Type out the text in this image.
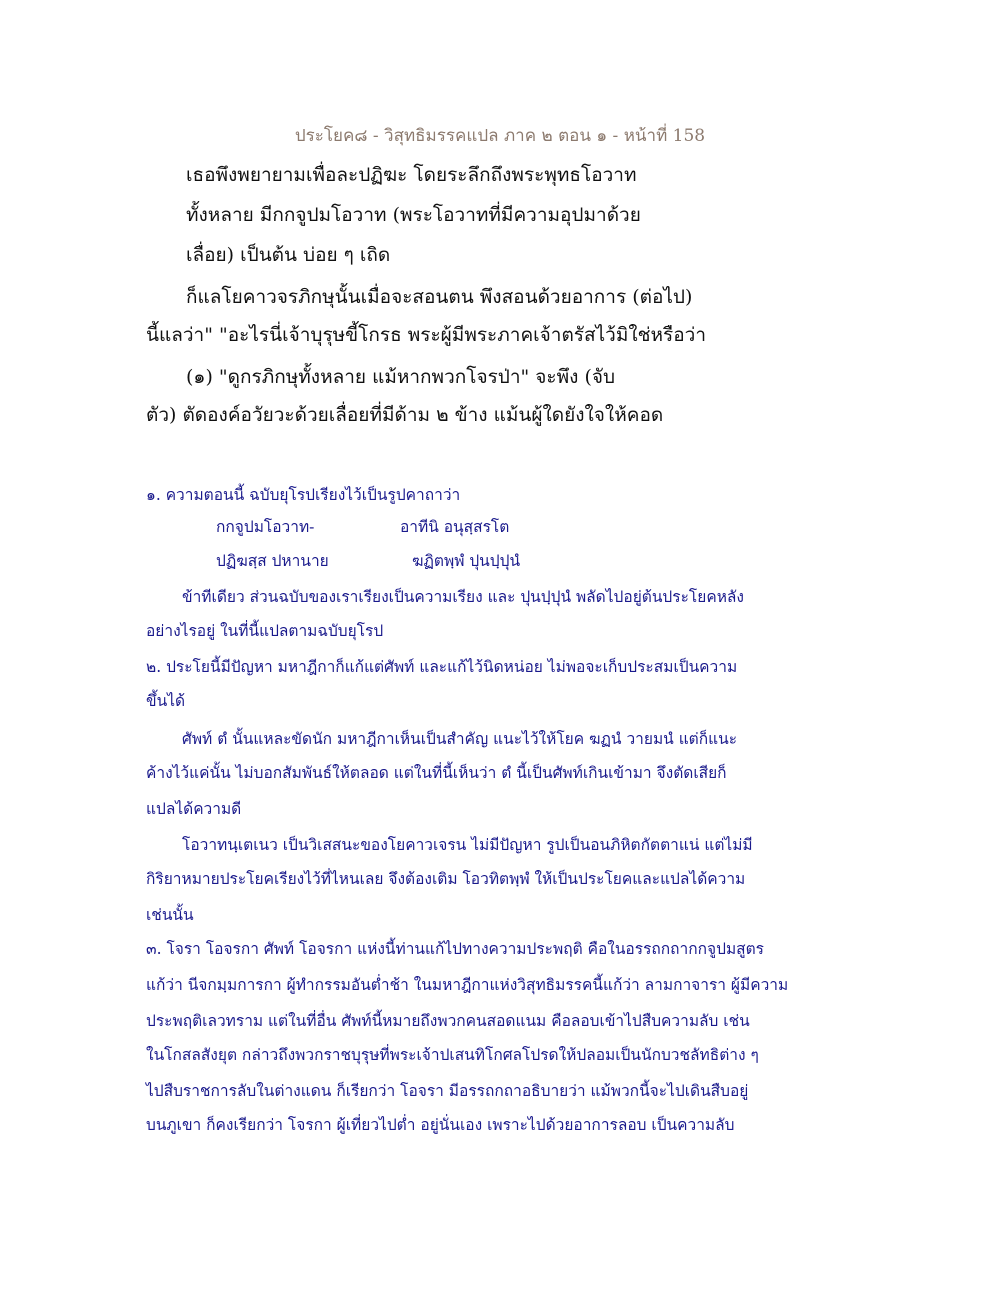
ประโยค๘ - วิสุทธิมรรคแปล ภาค ๒ ตอน ๑ - หน้าที่ 158
เธอพึงพยายามเพื่อละปฏิฆะ โดยระลึกถึงพระพุทธโอวาท
ทั้งหลาย มีกกจูปมโอวาท (พระโอวาทที่มีความอุปมาด้วย
เลื่อย) เป็นต้น บ่อย ๆ เถิด
ก็แลโยคาวจรภิกษุนั้นเมื่อจะสอนตน พึงสอนด้วยอาการ (ต่อไป)
นี้แลว่า" "อะไรนี่เจ้าบุรุษขี้โกรธ พระผู้มีพระภาคเจ้าตรัสไว้มิใช่หรือว่า
(๑) "ดูกรภิกษุทั้งหลาย แม้หากพวกโจรป่า" จะพึง (จับ
ตัว) ตัดองค์อวัยวะด้วยเลื่อยที่มีด้าม ๒ ข้าง แม้นผู้ใดยังใจให้คอด
๑. ความตอนนี้ ฉบับยุโรปเรียงไว้เป็นรูปคาถาว่า
กกจูปมโอวาท-	อาทีนิ อนุสฺสรโต
ปฏิฆสฺส ปหานาย	ฆฏิตพฺพํ ปุนปฺปุนํ
ข้าทีเดียว ส่วนฉบับของเราเรียงเป็นความเรียง และ ปุนปฺปุนํ พลัดไปอยู่ต้นประโยคหลัง
อย่างไรอยู่ ในที่นี้แปลตามฉบับยุโรป
๒. ประโยนี้มีปัญหา มหาฎีกาก็แก้แต่ศัพท์ และแก้ไว้นิดหน่อย ไม่พอจะเก็บประสมเป็นความ
ขึ้นได้
ศัพท์ ตํ นั้นแหละขัดนัก มหาฎีกาเห็นเป็นสำคัญ แนะไว้ให้โยค ฆฏนํ วายมนํ แต่ก็แนะ
ค้างไว้แค่นั้น ไม่บอกสัมพันธ์ให้ตลอด แต่ในที่นี้เห็นว่า ตํ นี้เป็นศัพท์เกินเข้ามา จึงตัดเสียก็
แปลได้ความดี
โอวาทนฺเตเนว เป็นวิเสสนะของโยคาวเจรน ไม่มีปัญหา รูปเป็นอนภิหิตกัตตาแน่ แต่ไม่มี
กิริยาหมายประโยคเรียงไว้ที่ไหนเลย จึงต้องเติม โอวทิตพฺพํ ให้เป็นประโยคและแปลได้ความ
เช่นนั้น
๓. โจรา โอจรกา ศัพท์ โอจรกา แห่งนี้ท่านแก้ไปทางความประพฤติ คือในอรรถกถากกจูปมสูตร
แก้ว่า นีจกมฺมการกา ผู้ทำกรรมอันต่ำช้า ในมหาฎีกาแห่งวิสุทธิมรรคนี้แก้ว่า ลามกาจารา ผู้มีความ
ประพฤติเลวทราม แต่ในที่อื่น ศัพท์นี้หมายถึงพวกคนสอดแนม คือลอบเข้าไปสืบความลับ เช่น
ในโกสลสังยุต กล่าวถึงพวกราชบุรุษที่พระเจ้าปเสนทิโกศลโปรดให้ปลอมเป็นนักบวชลัทธิต่าง ๆ
ไปสืบราชการลับในต่างแดน ก็เรียกว่า โอจรา มีอรรถกถาอธิบายว่า แม้พวกนี้จะไปเดินสืบอยู่
บนภูเขา ก็คงเรียกว่า โจรกา ผู้เที่ยวไปต่ำ อยู่นั่นเอง เพราะไปด้วยอาการลอบ เป็นความลับ
